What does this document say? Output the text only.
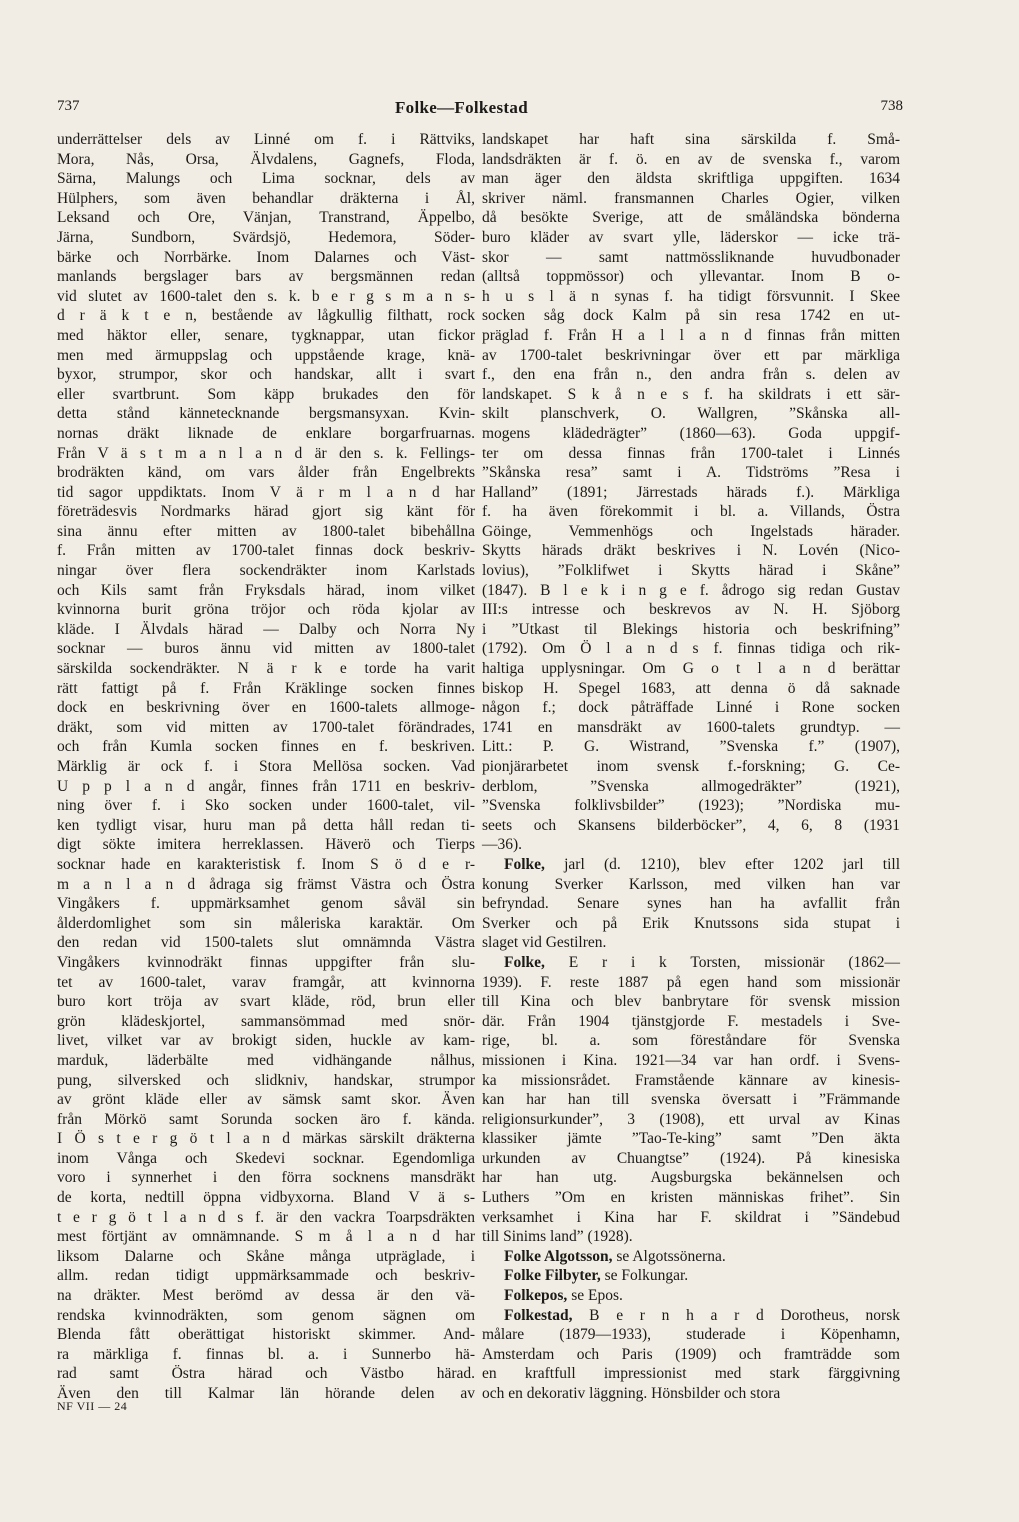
737	Folke—Folkestad	738
underrättelser dels av Linné om f. i Rättviks,
Mora, Nås, Orsa, Älvdalens, Gagnefs, Floda,
Särna, Malungs och Lima socknar, dels av
Hülphers, som även behandlar dräkterna i Ål,
Leksand och Ore, Vänjan, Transtrand, Äppelbo,
Järna, Sundborn, Svärdsjö, Hedemora, Söder-
bärke och Norrbärke. Inom Dalarnes och Väst-
manlands bergslager bars av bergsmännen redan
vid slutet av 1600-talet den s. k. b e r g s m a n s-
d r ä k t e n, bestående av lågkullig filthatt, rock
med häktor eller, senare, tygknappar, utan fickor
men med ärmuppslag och uppstående krage, knä-
byxor, strumpor, skor och handskar, allt i svart
eller svartbrunt. Som käpp brukades den för
detta stånd kännetecknande bergsmansyxan. Kvin-
nornas dräkt liknade de enklare borgarfruarnas.
Från V ä s t m a n l a n d är den s. k. Fellings-
brodräkten känd, om vars ålder från Engelbrekts
tid sagor uppdiktats. Inom V ä r m l a n d har
företrädesvis Nordmarks härad gjort sig känt för
sina ännu efter mitten av 1800-talet bibehållna
f. Från mitten av 1700-talet finnas dock beskriv-
ningar över flera sockendräkter inom Karlstads
och Kils samt från Fryksdals härad, inom vilket
kvinnorna burit gröna tröjor och röda kjolar av
kläde. I Älvdals härad — Dalby och Norra Ny
socknar — buros ännu vid mitten av 1800-talet
särskilda sockendräkter. N ä r k e torde ha varit
rätt fattigt på f. Från Kräklinge socken finnes
dock en beskrivning över en 1600-talets allmoge-
dräkt, som vid mitten av 1700-talet förändrades,
och från Kumla socken finnes en f. beskriven.
Märklig är ock f. i Stora Mellösa socken. Vad
U p p l a n d angår, finnes från 1711 en beskriv-
ning över f. i Sko socken under 1600-talet, vil-
ken tydligt visar, huru man på detta håll redan ti-
digt sökte imitera herreklassen. Häverö och Tierps
socknar hade en karakteristisk f. Inom S ö d e r-
m a n l a n d ådraga sig främst Västra och Östra
Vingåkers f. uppmärksamhet genom såväl sin
ålderdomlighet som sin måleriska karaktär. Om
den redan vid 1500-talets slut omnämnda Västra
Vingåkers kvinnodräkt finnas uppgifter från slu-
tet av 1600-talet, varav framgår, att kvinnorna
buro kort tröja av svart kläde, röd, brun eller
grön klädeskjortel, sammansömmad med snör-
livet, vilket var av brokigt siden, huckle av kam-
marduk, läderbälte med vidhängande nålhus,
pung, silversked och slidkniv, handskar, strumpor
av grönt kläde eller av sämsk samt skor. Även
från Mörkö samt Sorunda socken äro f. kända.
I Ö s t e r g ö t l a n d märkas särskilt dräkterna
inom Vånga och Skedevi socknar. Egendomliga
voro i synnerhet i den förra socknens mansdräkt
de korta, nedtill öppna vidbyxorna. Bland V ä s-
t e r g ö t l a n d s f. är den vackra Toarpsdräkten
mest förtjänt av omnämnande. S m å l a n d har
liksom Dalarne och Skåne många utpräglade, i
allm. redan tidigt uppmärksammade och beskriv-
na dräkter. Mest berömd av dessa är den vä-
rendska kvinnodräkten, som genom sägnen om
Blenda fått oberättigat historiskt skimmer. And-
ra märkliga f. finnas bl. a. i Sunnerbo hä-
rad samt Östra härad och Västbo härad.
Även den till Kalmar län hörande delen av
landskapet har haft sina särskilda f. Små-
landsdräkten är f. ö. en av de svenska f., varom
man äger den äldsta skriftliga uppgiften. 1634
skriver näml. fransmannen Charles Ogier, vilken
då besökte Sverige, att de småländska bönderna
buro kläder av svart ylle, läderskor — icke trä-
skor — samt nattmössliknande huvudbonader
(alltså toppmössor) och yllevantar. Inom B o-
h u s l ä n synas f. ha tidigt försvunnit. I Skee
socken såg dock Kalm på sin resa 1742 en ut-
präglad f. Från H a l l a n d finnas från mitten
av 1700-talet beskrivningar över ett par märkliga
f., den ena från n., den andra från s. delen av
landskapet. S k å n e s f. ha skildrats i ett sär-
skilt planschverk, O. Wallgren, ”Skånska all-
mogens klädedrägter” (1860—63). Goda uppgif-
ter om dessa finnas från 1700-talet i Linnés
”Skånska resa” samt i A. Tidströms ”Resa i
Halland” (1891; Järrestads härads f.). Märkliga
f. ha även förekommit i bl. a. Villands, Östra
Göinge, Vemmenhögs och Ingelstads härader.
Skytts härads dräkt beskrives i N. Lovén (Nico-
lovius), ”Folklifwet i Skytts härad i Skåne”
(1847). B l e k i n g e f. ådrogo sig redan Gustav
III:s intresse och beskrevos av N. H. Sjöborg
i ”Utkast til Blekings historia och beskrifning”
(1792). Om Ö l a n d s f. finnas tidiga och rik-
haltiga upplysningar. Om G o t l a n d berättar
biskop H. Spegel 1683, att denna ö då saknade
någon f.; dock påträffade Linné i Rone socken
1741 en mansdräkt av 1600-talets grundtyp. —
Litt.: P. G. Wistrand, ”Svenska f.” (1907),
pionjärarbetet inom svensk f.-forskning; G. Ce-
derblom, ”Svenska allmogedräkter” (1921),
”Svenska folklivsbilder” (1923); ”Nordiska mu-
seets och Skansens bilderböcker”, 4, 6, 8 (1931
—36).
Folke, jarl (d. 1210), blev efter 1202 jarl till
konung Sverker Karlsson, med vilken han var
befryndad. Senare synes han ha avfallit från
Sverker och på Erik Knutssons sida stupat i
slaget vid Gestilren.
Folke, E r i k Torsten, missionär (1862—
1939). F. reste 1887 på egen hand som missionär
till Kina och blev banbrytare för svensk mission
där. Från 1904 tjänstgjorde F. mestadels i Sve-
rige, bl. a. som föreståndare för Svenska
missionen i Kina. 1921—34 var han ordf. i Svens-
ka missionsrådet. Framstående kännare av kinesis-
kan har han till svenska översatt i ”Främmande
religionsurkunder”, 3 (1908), ett urval av Kinas
klassiker jämte ”Tao-Te-king” samt ”Den äkta
urkunden av Chuangtse” (1924). På kinesiska
har han utg. Augsburgska bekännelsen och
Luthers ”Om en kristen människas frihet”. Sin
verksamhet i Kina har F. skildrat i ”Sändebud
till Sinims land” (1928).
Folke Algotsson, se Algotssönerna.
Folke Filbyter, se Folkungar.
Folkepos, se Epos.
Folkestad, B e r n h a r d Dorotheus, norsk
målare (1879—1933), studerade i Köpenhamn,
Amsterdam och Paris (1909) och framträdde som
en kraftfull impressionist med stark färggivning
och en dekorativ läggning. Hönsbilder och stora
NF VII — 24
